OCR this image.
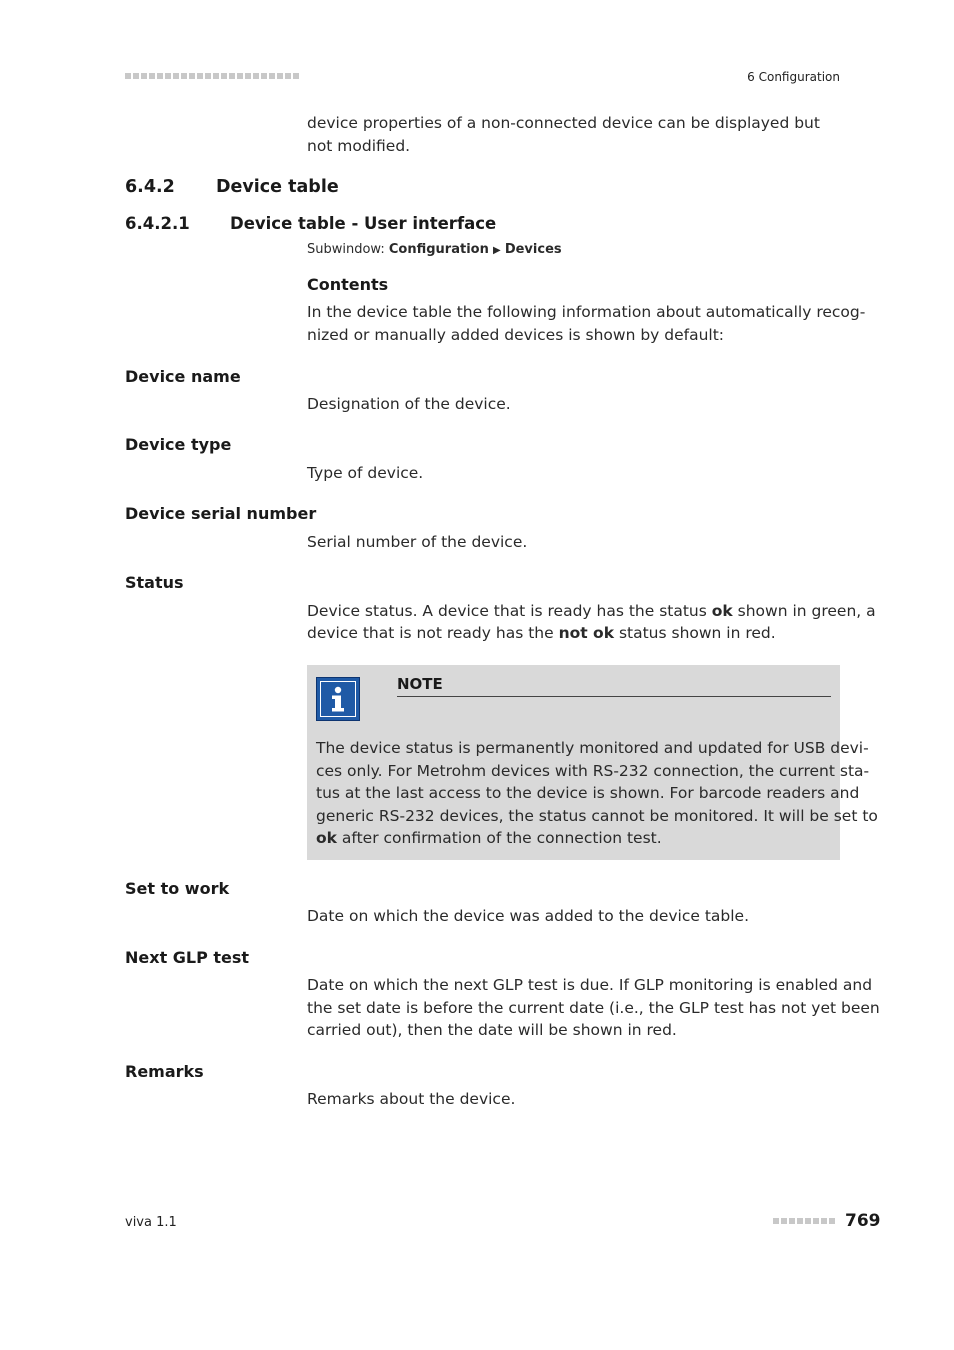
6 Configuration
device properties of a non-connected device can be displayed but not modified.
6.4.2 Device table
6.4.2.1 Device table - User interface
Subwindow: Configuration ▶ Devices
Contents
In the device table the following information about automatically recog-
nized or manually added devices is shown by default:
Device name
Designation of the device.
Device type
Type of device.
Device serial number
Serial number of the device.
Status
Device status. A device that is ready has the status ok shown in green, a
device that is not ready has the not ok status shown in red.
NOTE
The device status is permanently monitored and updated for USB devi-
ces only. For Metrohm devices with RS-232 connection, the current sta-
tus at the last access to the device is shown. For barcode readers and
generic RS-232 devices, the status cannot be monitored. It will be set to
ok after confirmation of the connection test.
Set to work
Date on which the device was added to the device table.
Next GLP test
Date on which the next GLP test is due. If GLP monitoring is enabled and
the set date is before the current date (i.e., the GLP test has not yet been
carried out), then the date will be shown in red.
Remarks
Remarks about the device.
viva 1.1	769
